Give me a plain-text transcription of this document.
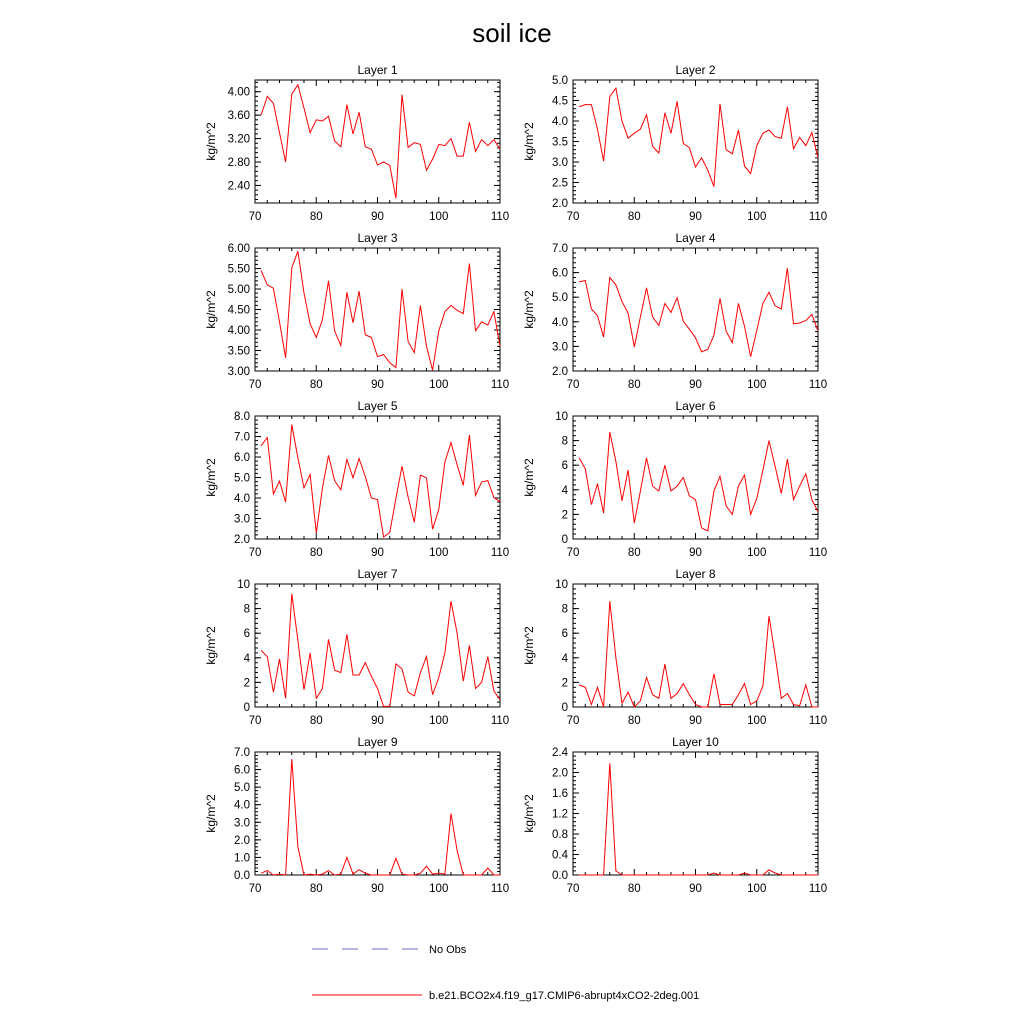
soil ice
Layer 1
kg/m^2
70	80	90	100	110
2.40
2.80
3.20
3.60
4.00
Layer 2
kg/m^2
70	80	90	100	110
2.0
2.5
3.0
3.5
4.0
4.5
5.0
Layer 3
kg/m^2
70	80	90	100	110
3.00
3.50
4.00
4.50
5.00
5.50
6.00
Layer 4
kg/m^2
70	80	90	100	110
2.0
3.0
4.0
5.0
6.0
7.0
Layer 5
kg/m^2
70	80	90	100	110
2.0
3.0
4.0
5.0
6.0
7.0
8.0
Layer 6
kg/m^2
70	80	90	100	110
0
2
4
6
8
10
Layer 7
kg/m^2
70	80	90	100	110
0
2
4
6
8
10
Layer 8
kg/m^2
70	80	90	100	110
0
2
4
6
8
10
Layer 9
kg/m^2
70	80	90	100	110
0.0
1.0
2.0
3.0
4.0
5.0
6.0
7.0
Layer 10
kg/m^2
70	80	90	100	110
0.0
0.4
0.8
1.2
1.6
2.0
2.4
No Obs
b.e21.BCO2x4.f19_g17.CMIP6-abrupt4xCO2-2deg.001
